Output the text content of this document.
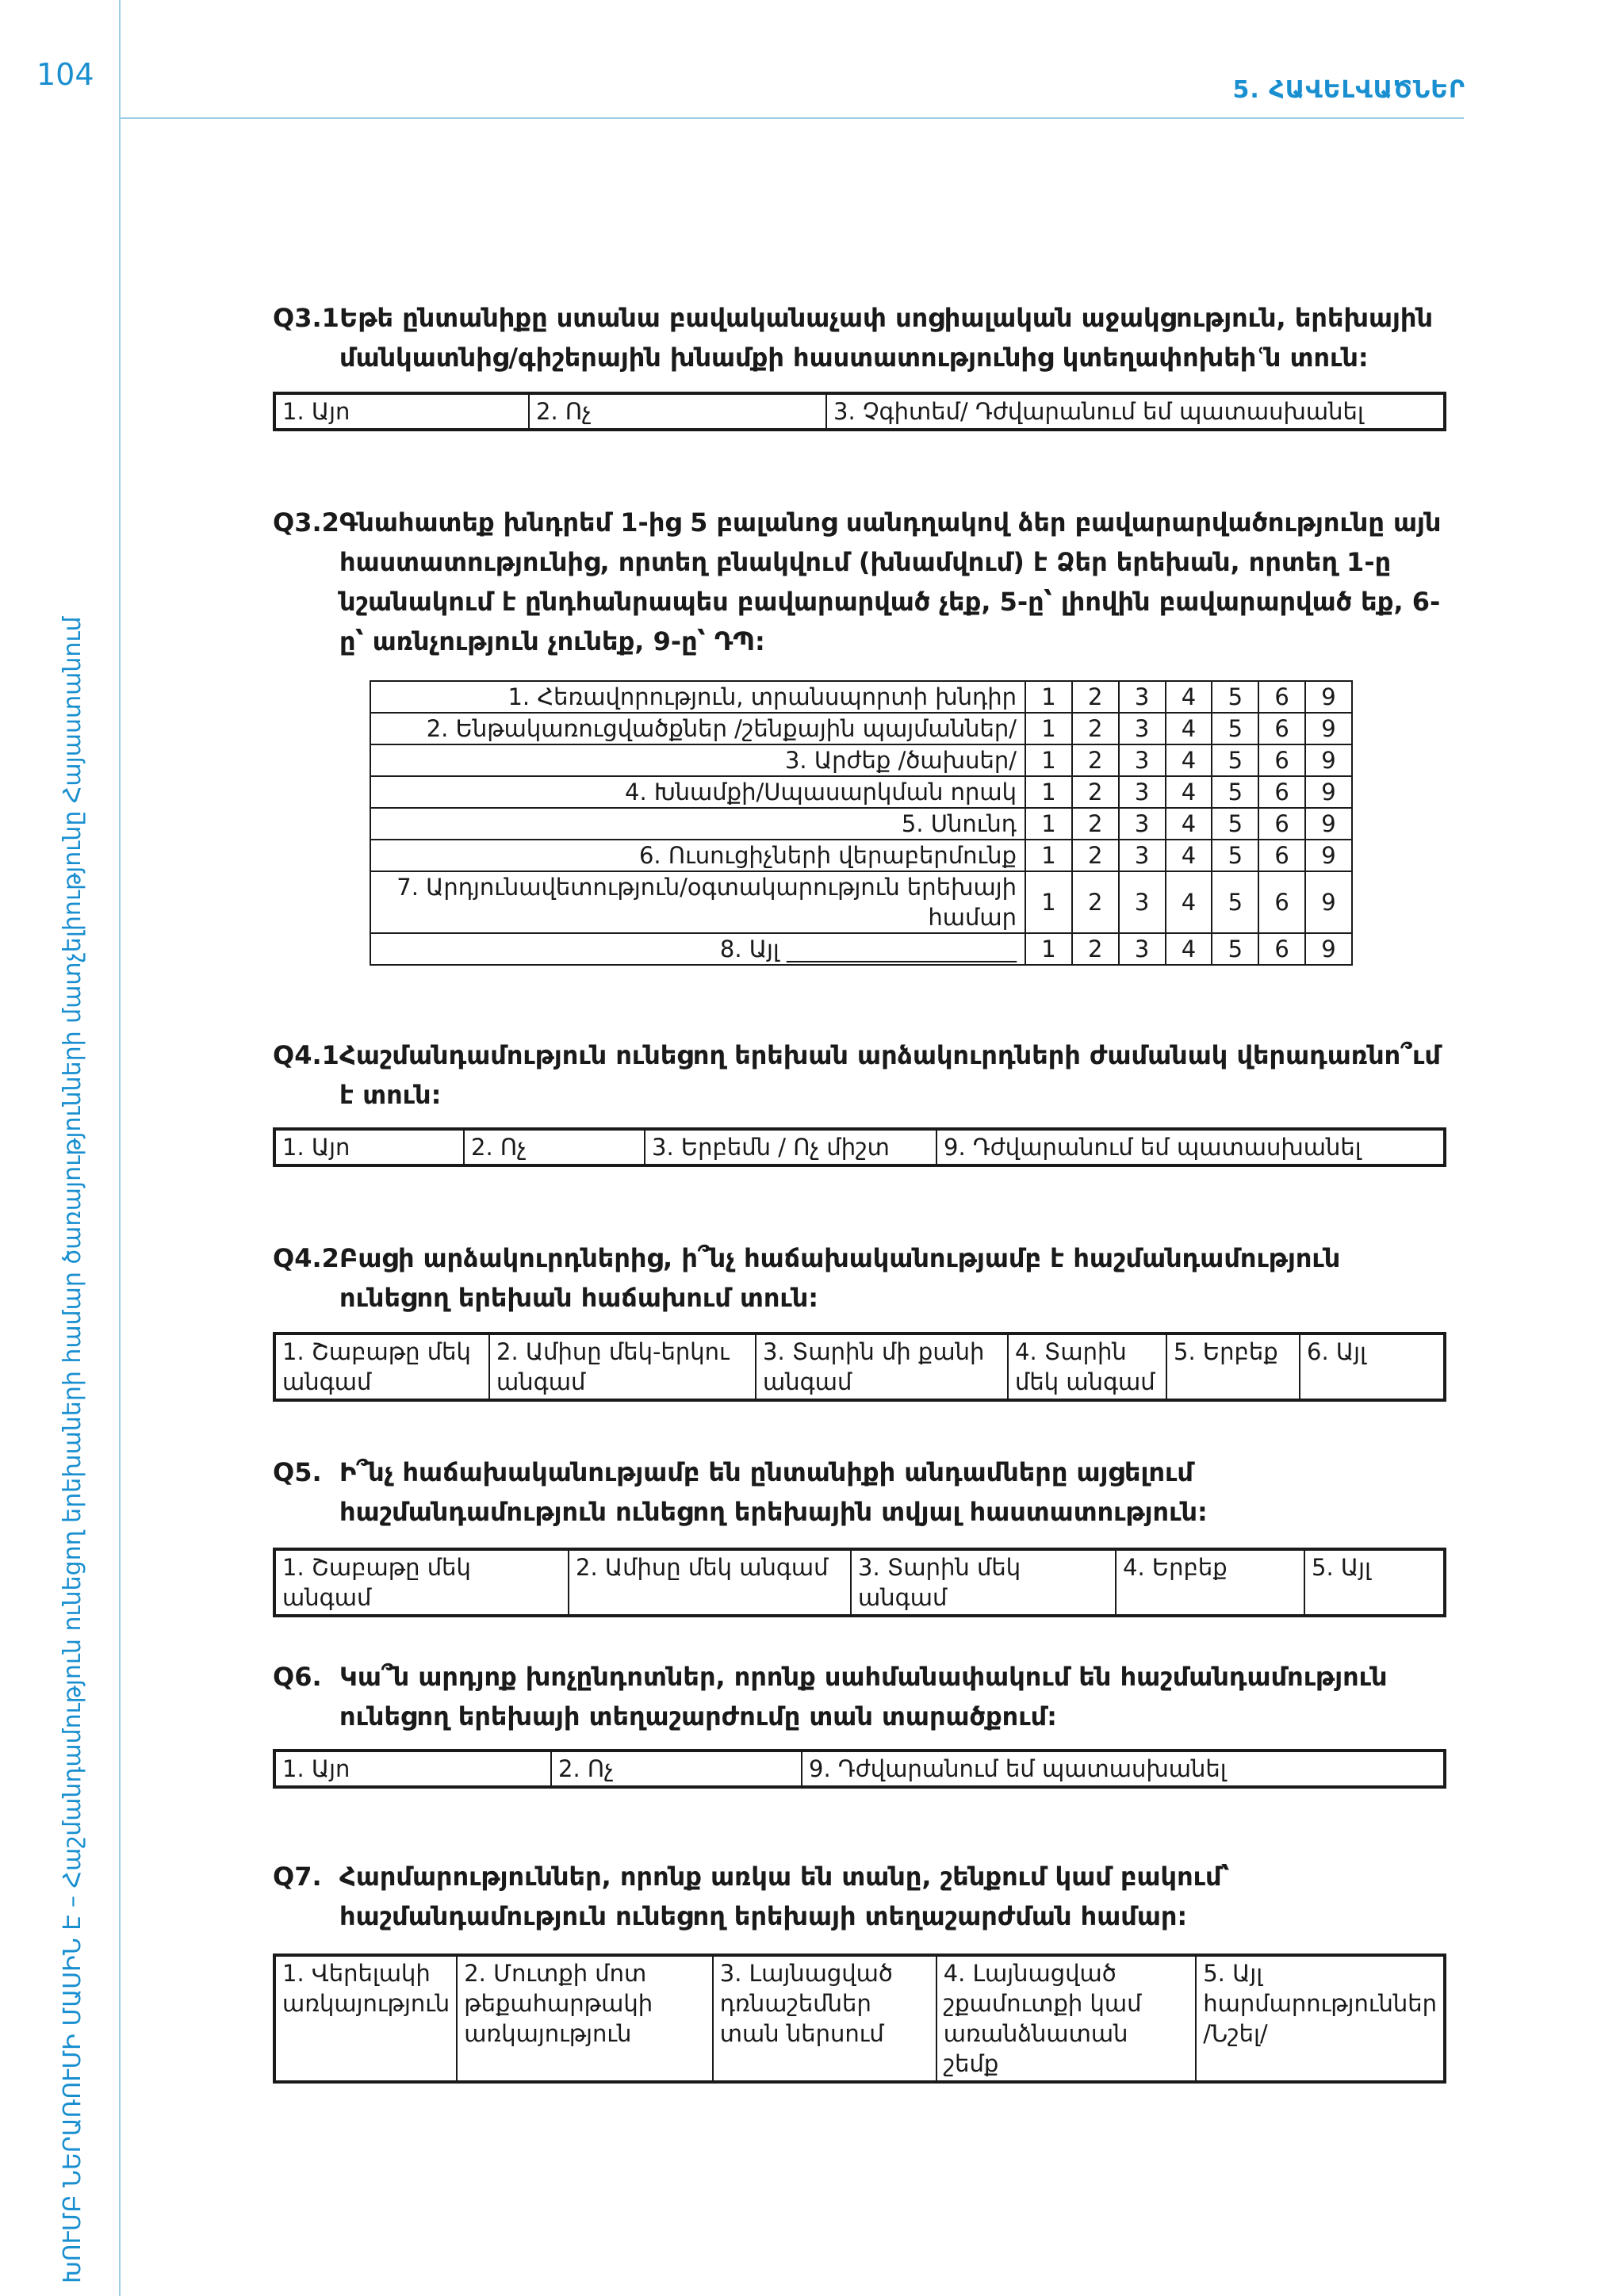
104	5. ՀԱՎԵԼՎԱԾՆԵՐ
ԽՈՒՄԲ ՆԵՐԱՌՈՒՄԻ ՄԱՍԻՆ Է – Հաշմանդամություն ունեցող երեխաների համար ծառայությունների մատչելիությունը Հայաստանում
Q3.1 Եթե ընտանիքը ստանա բավականաչափ սոցիալական աջակցություն, երեխային մանկատնից/գիշերային խնամքի հաստատությունից կտեղափոխեիՙն տուն:
1. Այո	2. Ոչ	3. Չգիտեմ/ Դժվարանում եմ պատասխանել
Q3.2 Գնահատեք խնդրեմ 1-ից 5 բալանոց սանդղակով ձեր բավարարվածությունը այն հաստատությունից, որտեղ բնակվում (խնամվում) է Ձեր երեխան, որտեղ 1-ը նշանակում է ընդհանրապես բավարարված չեք, 5-ը՝ լիովին բավարարված եք, 6-ը՝ առնչություն չունեք, 9-ը՝ ԴՊ:
1. Հեռավորություն, տրանսպորտի խնդիր	1	2	3	4	5	6	9
2. Ենթակառուցվածքներ /շենքային պայմաններ/	1	2	3	4	5	6	9
3. Արժեք /ծախսեր/	1	2	3	4	5	6	9
4. Խնամքի/Սպասարկման որակ	1	2	3	4	5	6	9
5. Սնունդ	1	2	3	4	5	6	9
6. Ուսուցիչների վերաբերմունք	1	2	3	4	5	6	9
7. Արդյունավետություն/օգտակարություն երեխայի համար	1	2	3	4	5	6	9
8. Այլ ____________________	1	2	3	4	5	6	9
Q4.1 Հաշմանդամություն ունեցող երեխան արձակուրդների ժամանակ վերադառնո՞ւմ է տուն:
1. Այո	2. Ոչ	3. Երբեմն / Ոչ միշտ	9. Դժվարանում եմ պատասխանել
Q4.2 Բացի արձակուրդներից, ի՞նչ հաճախականությամբ է հաշմանդամություն ունեցող երեխան հաճախում տուն:
1. Շաբաթը մեկ անգամ	2. Ամիսը մեկ-երկու անգամ	3. Տարին մի քանի անգամ	4. Տարին մեկ անգամ	5. Երբեք	6. Այլ
Q5. Ի՞նչ հաճախականությամբ են ընտանիքի անդամները այցելում հաշմանդամություն ունեցող երեխային տվյալ հաստատություն:
1. Շաբաթը մեկ անգամ	2. Ամիսը մեկ անգամ	3. Տարին մեկ անգամ	4. Երբեք	5. Այլ
Q6. Կա՞ն արդյոք խոչընդոտներ, որոնք սահմանափակում են հաշմանդամություն ունեցող երեխայի տեղաշարժումը տան տարածքում:
1. Այո	2. Ոչ	9. Դժվարանում եմ պատասխանել
Q7. Հարմարություններ, որոնք առկա են տանը, շենքում կամ բակում՝ հաշմանդամություն ունեցող երեխայի տեղաշարժման համար:
1. Վերելակի առկայություն	2. Մուտքի մոտ թեքահարթակի առկայություն	3. Լայնացված դռնաշեմներ տան ներսում	4. Լայնացված շքամուտքի կամ առանձնատան շեմք	5. Այլ հարմարություններ /Նշել/
